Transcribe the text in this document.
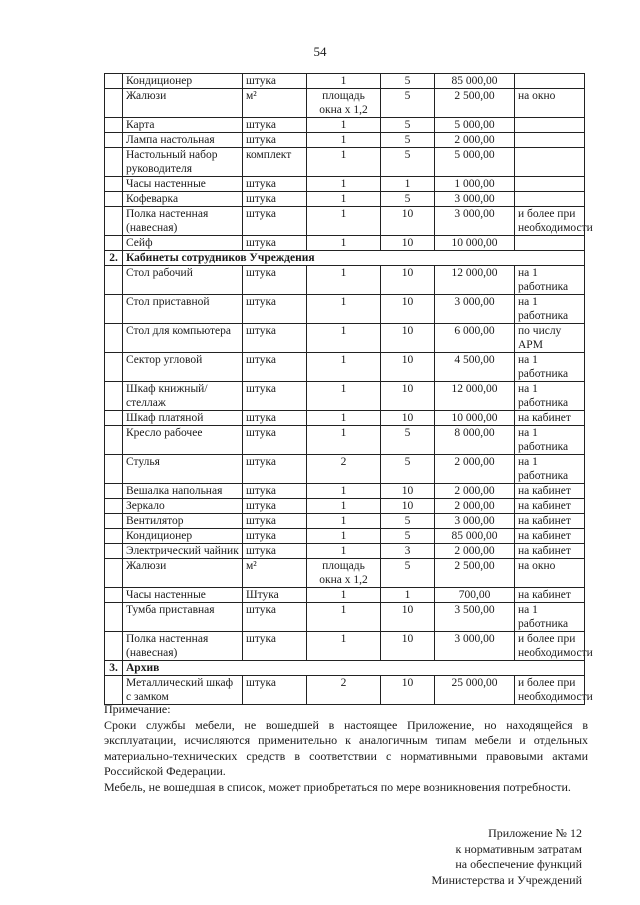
54
	Кондиционер	штука	1	5	85 000,00	
	Жалюзи	м²	площадь окна х 1,2	5	2 500,00	на окно
	Карта	штука	1	5	5 000,00	
	Лампа настольная	штука	1	5	2 000,00	
	Настольный набор руководителя	комплект	1	5	5 000,00	
	Часы настенные	штука	1	1	1 000,00	
	Кофеварка	штука	1	5	3 000,00	
	Полка настенная (навесная)	штука	1	10	3 000,00	и более при необходимости
	Сейф	штука	1	10	10 000,00	
2.	Кабинеты сотрудников Учреждения					
	Стол рабочий	штука	1	10	12 000,00	на 1 работника
	Стол приставной	штука	1	10	3 000,00	на 1 работника
	Стол для компьютера	штука	1	10	6 000,00	по числу АРМ
	Сектор угловой	штука	1	10	4 500,00	на 1 работника
	Шкаф книжный/стеллаж	штука	1	10	12 000,00	на 1 работника
	Шкаф платяной	штука	1	10	10 000,00	на кабинет
	Кресло рабочее	штука	1	5	8 000,00	на 1 работника
	Стулья	штука	2	5	2 000,00	на 1 работника
	Вешалка напольная	штука	1	10	2 000,00	на кабинет
	Зеркало	штука	1	10	2 000,00	на кабинет
	Вентилятор	штука	1	5	3 000,00	на кабинет
	Кондиционер	штука	1	5	85 000,00	на кабинет
	Электрический чайник	штука	1	3	2 000,00	на кабинет
	Жалюзи	м²	площадь окна х 1,2	5	2 500,00	на окно
	Часы настенные	Штука	1	1	700,00	на кабинет
	Тумба приставная	штука	1	10	3 500,00	на 1 работника
	Полка настенная (навесная)	штука	1	10	3 000,00	и более при необходимости
3.	Архив					
	Металлический шкаф с замком	штука	2	10	25 000,00	и более при необходимости

Примечание:

Сроки службы мебели, не вошедшей в настоящее Приложение, но находящейся в эксплуатации, исчисляются применительно к аналогичным типам мебели и отдельных материально-технических средств в соответствии с нормативными правовыми актами Российской Федерации.

Мебель, не вошедшая в список, может приобретаться по мере возникновения потребности.

Приложение № 12
к нормативным затратам
на обеспечение функций
Министерства и Учреждений
